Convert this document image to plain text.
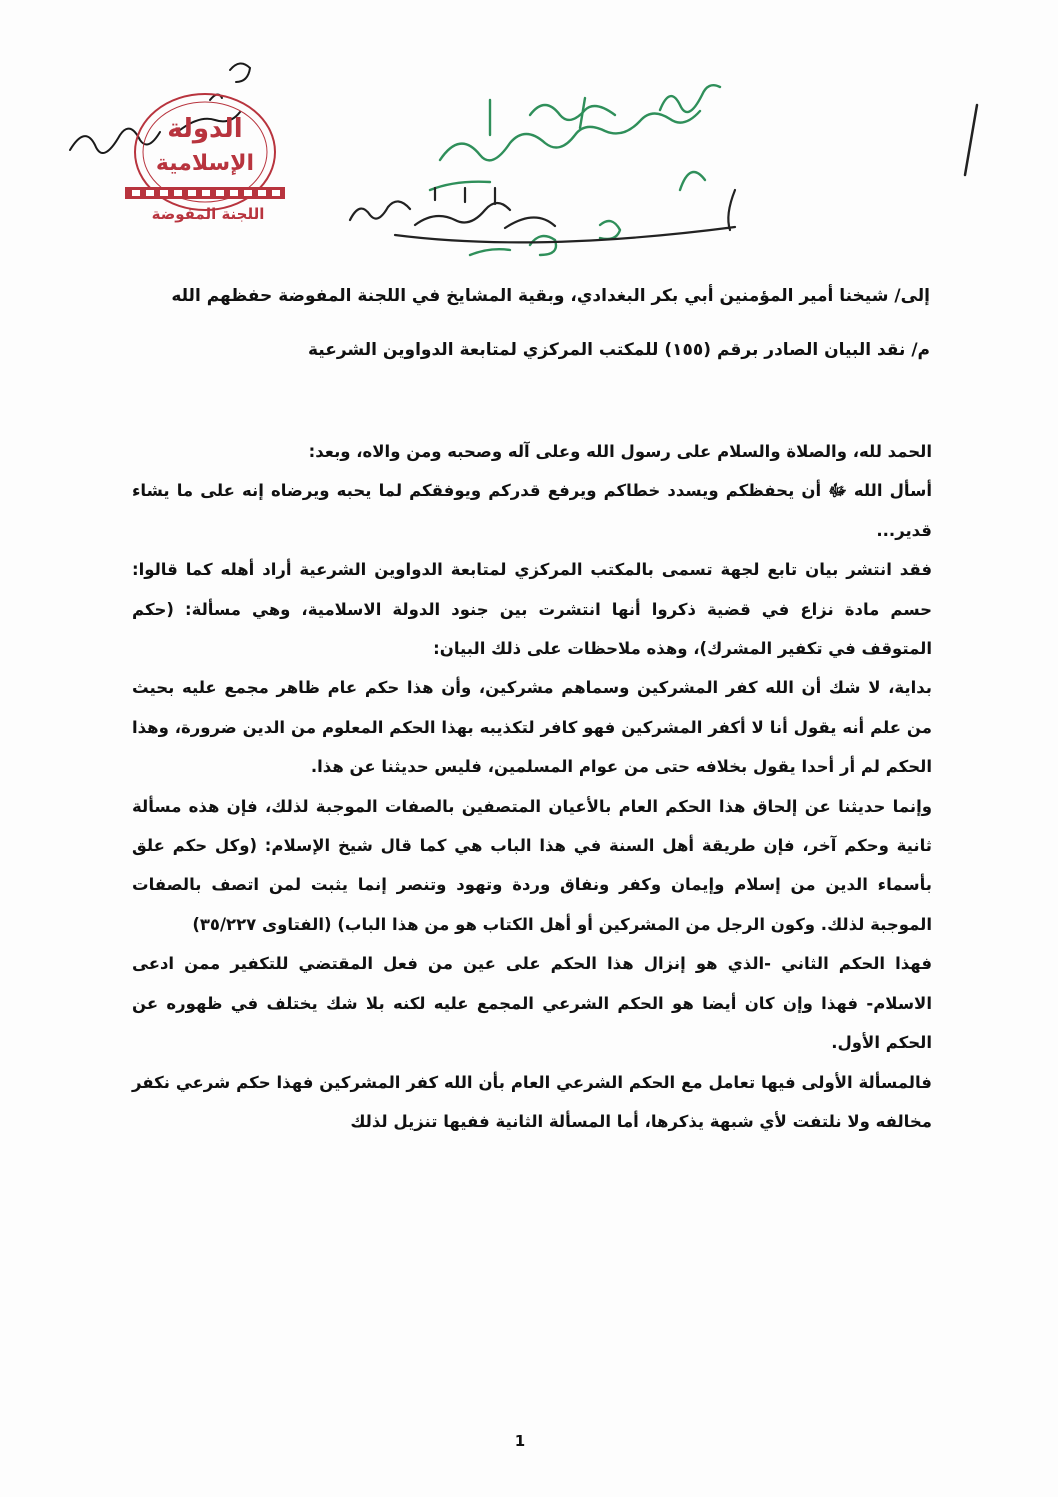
الدولة
الإسلامية
اللجنة المفوضة
إلى/ شيخنا أمير المؤمنين أبي بكر البغدادي، وبقية المشايخ في اللجنة المفوضة حفظهم الله
م/ نقد البيان الصادر برقم (١٥٥) للمكتب المركزي لمتابعة الدواوين الشرعية

الحمد لله، والصلاة والسلام على رسول الله وعلى آله وصحبه ومن والاه، وبعد:

أسأل الله ﷻ أن يحفظكم ويسدد خطاكم ويرفع قدركم ويوفقكم لما يحبه ويرضاه إنه على ما يشاء قدير...

فقد انتشر بيان تابع لجهة تسمى بالمكتب المركزي لمتابعة الدواوين الشرعية أراد أهله كما قالوا: حسم مادة نزاع في قضية ذكروا أنها انتشرت بين جنود الدولة الاسلامية، وهي مسألة: (حكم المتوقف في تكفير المشرك)، وهذه ملاحظات على ذلك البيان:

بداية، لا شك أن الله كفر المشركين وسماهم مشركين، وأن هذا حكم عام ظاهر مجمع عليه بحيث من علم أنه يقول أنا لا أكفر المشركين فهو كافر لتكذيبه بهذا الحكم المعلوم من الدين ضرورة، وهذا الحكم لم أر أحدا يقول بخلافه حتى من عوام المسلمين، فليس حديثنا عن هذا.

وإنما حديثنا عن إلحاق هذا الحكم العام بالأعيان المتصفين بالصفات الموجبة لذلك، فإن هذه مسألة ثانية وحكم آخر، فإن طريقة أهل السنة في هذا الباب هي كما قال شيخ الإسلام: (وكل حكم علق بأسماء الدين من إسلام وإيمان وكفر ونفاق وردة وتهود وتنصر إنما يثبت لمن اتصف بالصفات الموجبة لذلك. وكون الرجل من المشركين أو أهل الكتاب هو من هذا الباب) (الفتاوى ٣٥/٢٢٧)

فهذا الحكم الثاني -الذي هو إنزال هذا الحكم على عين من فعل المقتضي للتكفير ممن ادعى الاسلام- فهذا وإن كان أيضا هو الحكم الشرعي المجمع عليه لكنه بلا شك يختلف في ظهوره عن الحكم الأول.

فالمسألة الأولى فيها تعامل مع الحكم الشرعي العام بأن الله كفر المشركين فهذا حكم شرعي نكفر مخالفه ولا نلتفت لأي شبهة يذكرها، أما المسألة الثانية ففيها تنزيل لذلك

1
